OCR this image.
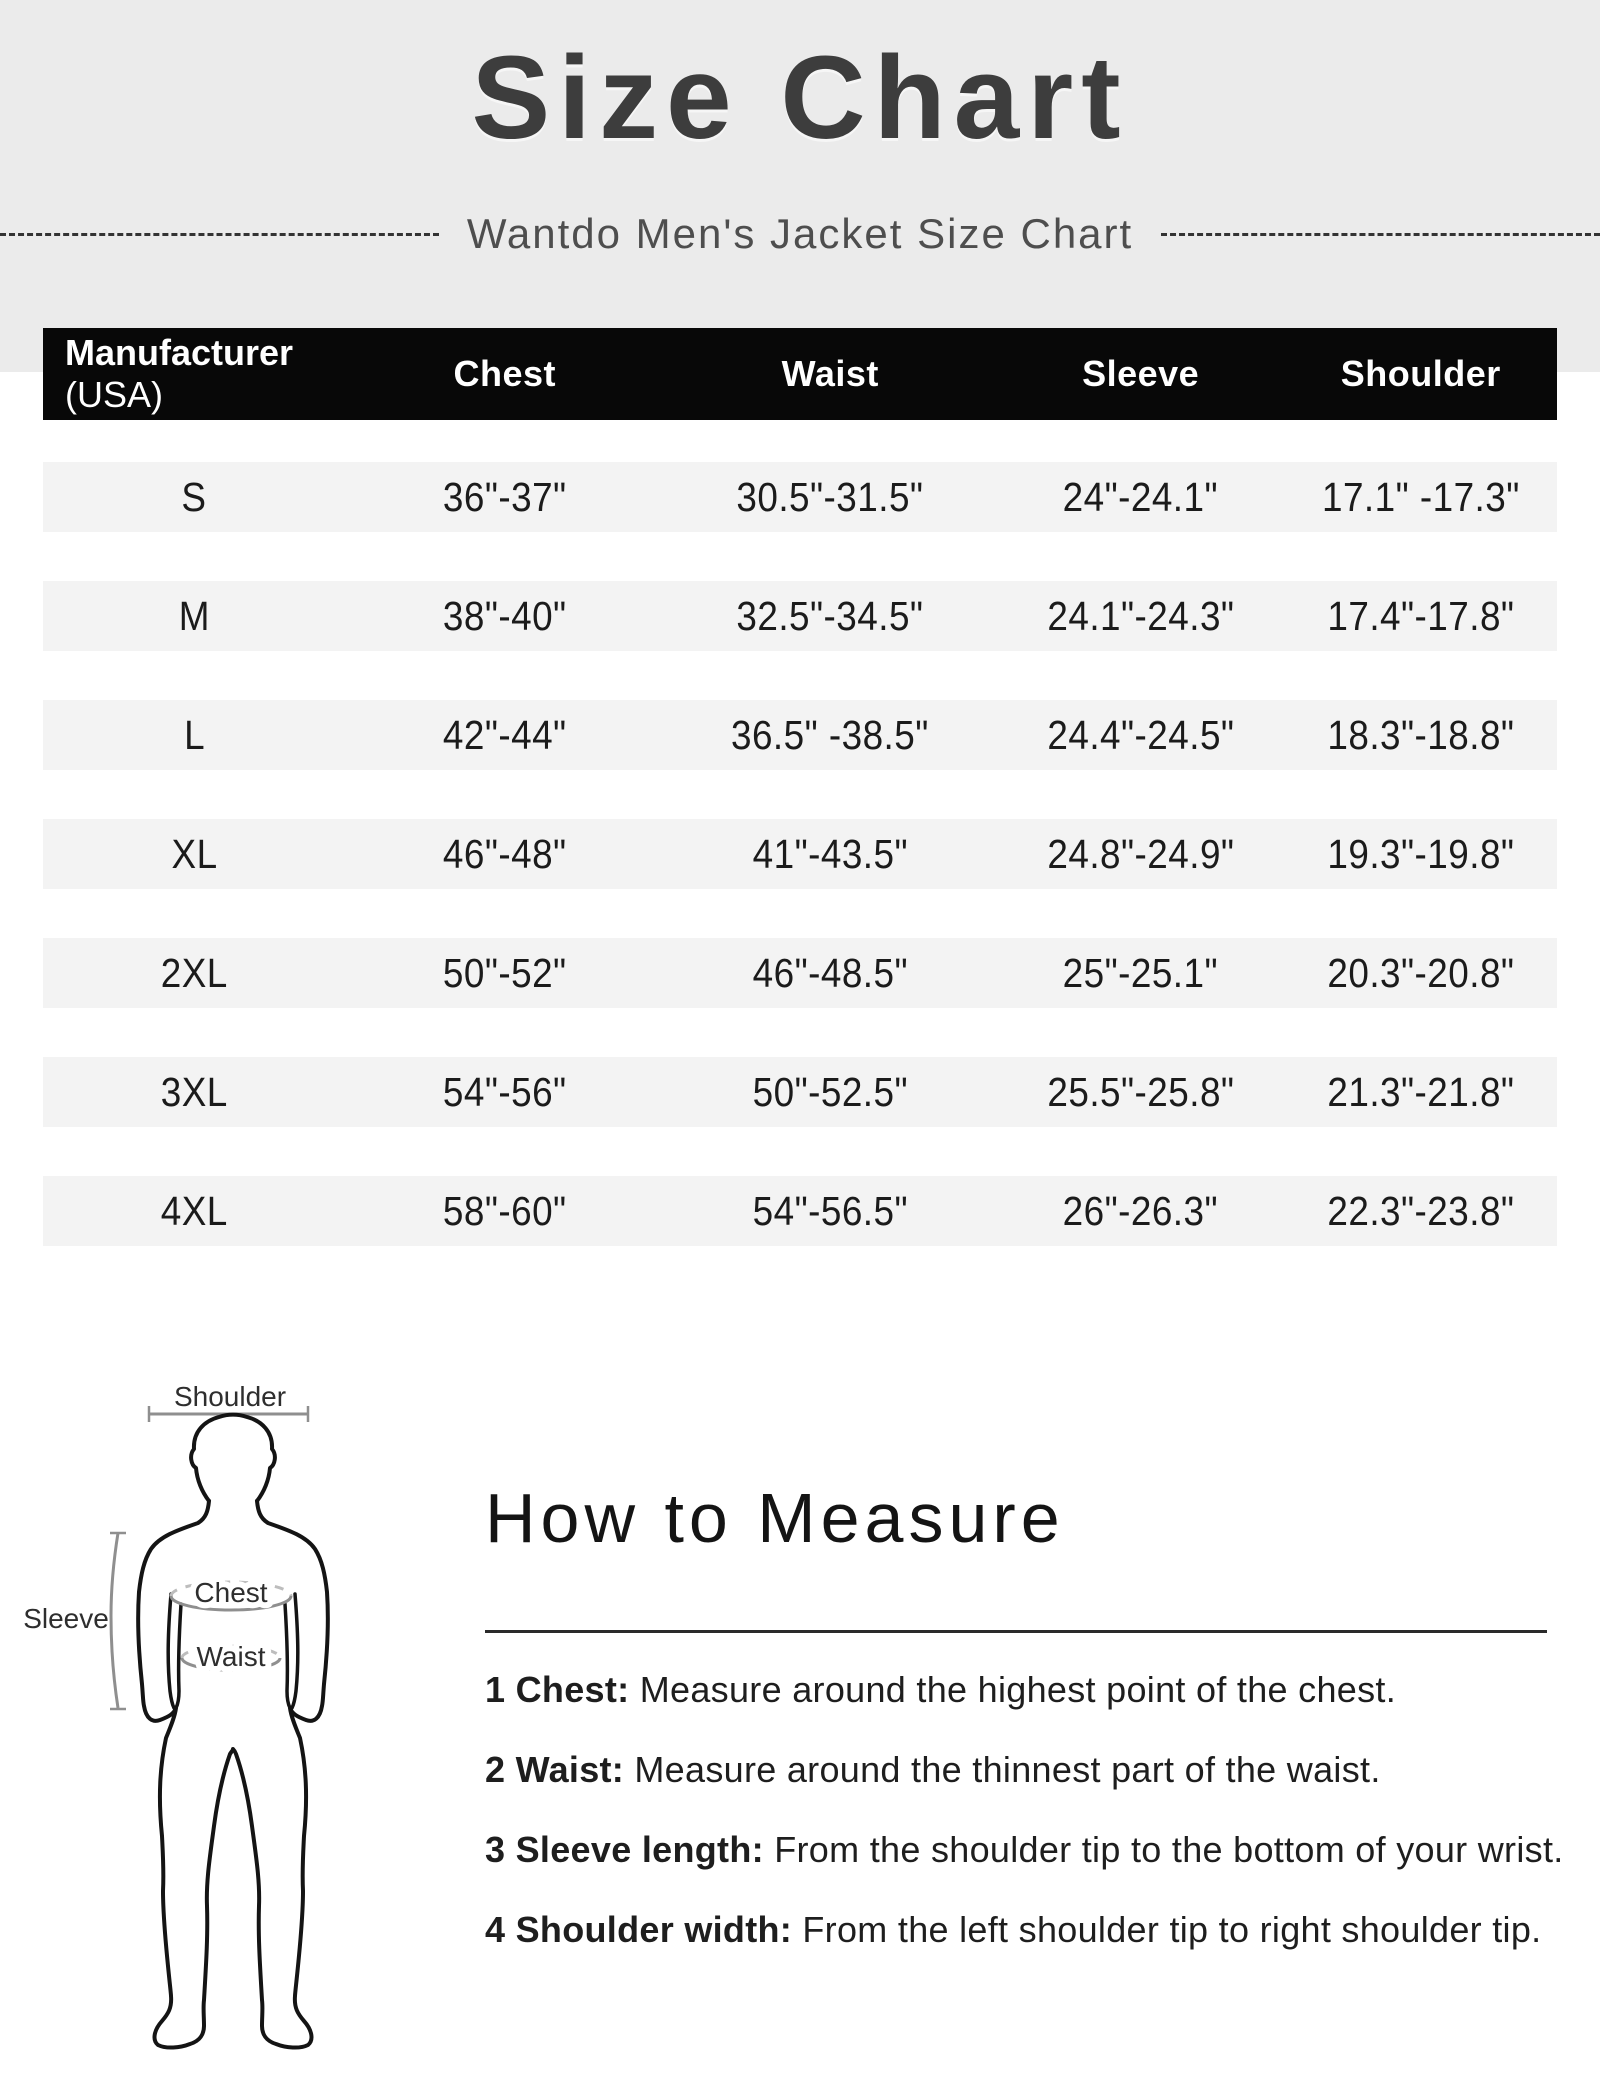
Size Chart
Wantdo Men's Jacket Size Chart
Manufacturer (USA)
Chest	Waist	Sleeve	Shoulder
S	36"-37"	30.5"-31.5"	24"-24.1"	17.1" -17.3"
M	38"-40"	32.5"-34.5"	24.1"-24.3"	17.4"-17.8"
L	42"-44"	36.5" -38.5"	24.4"-24.5"	18.3"-18.8"
XL	46"-48"	41"-43.5"	24.8"-24.9"	19.3"-19.8"
2XL	50"-52"	46"-48.5"	25"-25.1"	20.3"-20.8"
3XL	54"-56"	50"-52.5"	25.5"-25.8"	21.3"-21.8"
4XL	58"-60"	54"-56.5"	26"-26.3"	22.3"-23.8"
Shoulder
Sleeve
Chest
Waist
How to Measure
1 Chest: Measure around the highest point of the chest.
2 Waist: Measure around the thinnest part of the waist.
3 Sleeve length: From the shoulder tip to the bottom of your wrist.
4 Shoulder width: From the left shoulder tip to right shoulder tip.
